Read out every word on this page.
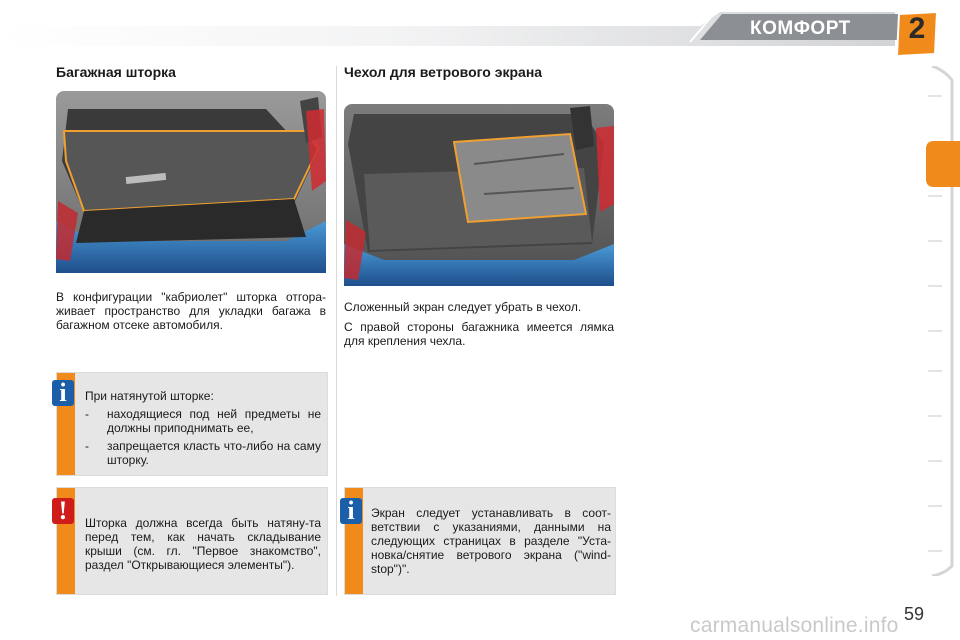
КОМФОРТ 2
Багажная шторка
В конфигурации "кабриолет" шторка отгора-живает пространство для укладки багажа в багажном отсеке автомобиля.
При натянутой шторке:
-	находящиеся под ней предметы не должны приподнимать ее,
-	запрещается класть что-либо на саму шторку.
i
Шторка должна всегда быть натяну-та перед тем, как начать складывание крыши (см. гл. "Первое знакомство", раздел "Открывающиеся элементы").
!
Чехол для ветрового экрана

Сложенный экран следует убрать в чехол.

С правой стороны багажника имеется лямка для крепления чехла.

Экран следует устанавливать в соот-ветствии с указаниями, данными на следующих страницах в разделе "Уста-новка/снятие ветрового экрана ("wind-stop")".
i
carmanualsonline.info 59
